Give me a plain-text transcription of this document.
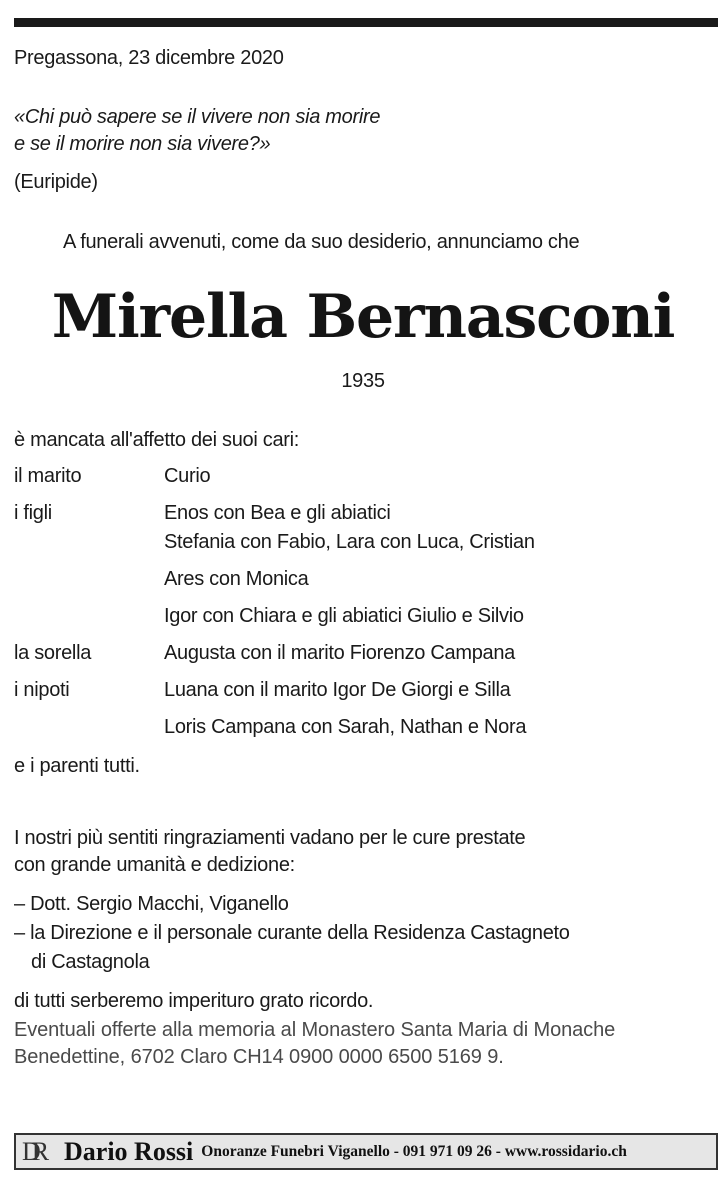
Pregassona, 23 dicembre 2020
«Chi può sapere se il vivere non sia morire
e se il morire non sia vivere?»
(Euripide)
A funerali avvenuti, come da suo desiderio, annunciamo che
Mirella Bernasconi
1935
è mancata all'affetto dei suoi cari:
il marito	Curio
i figli	Enos con Bea e gli abiatici
Stefania con Fabio, Lara con Luca, Cristian
Ares con Monica
Igor con Chiara e gli abiatici Giulio e Silvio
la sorella	Augusta con il marito Fiorenzo Campana
i nipoti	Luana con il marito Igor De Giorgi e Silla
Loris Campana con Sarah, Nathan e Nora
e i parenti tutti.
I nostri più sentiti ringraziamenti vadano per le cure prestate
con grande umanità e dedizione:
– Dott. Sergio Macchi, Viganello
– la Direzione e il personale curante della Residenza Castagneto
di Castagnola
di tutti serberemo imperituro grato ricordo.
Eventuali offerte alla memoria al Monastero Santa Maria di Monache
Benedettine, 6702 Claro CH14 0900 0000 6500 5169 9.
DR Dario Rossi Onoranze Funebri Viganello - 091 971 09 26 - www.rossidario.ch
